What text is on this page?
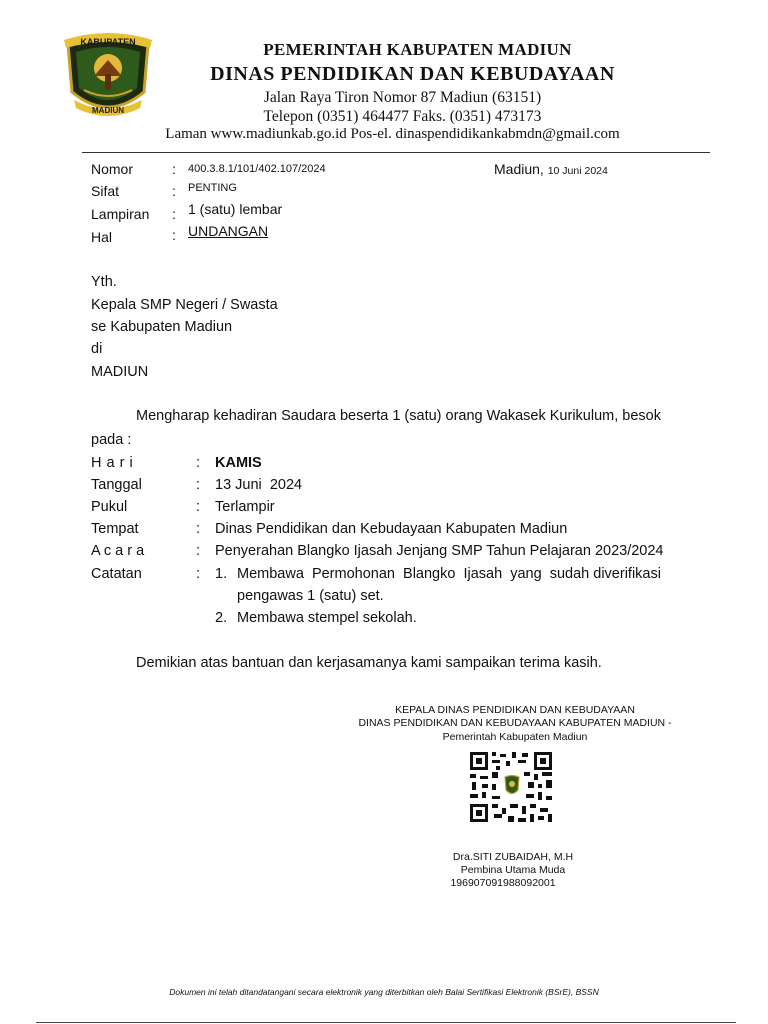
KABUPATEN
MADIUN
PEMERINTAH KABUPATEN MADIUN
DINAS PENDIDIKAN DAN KEBUDAYAAN
Jalan Raya Tiron Nomor 87 Madiun (63151)
Telepon (0351) 464477 Faks. (0351) 473173
Laman www.madiunkab.go.id Pos-el. dinaspendidikankabmdn@gmail.com
Nomor	: 400.3.8.1/101/402.107/2024	Madiun, 10 Juni 2024
Sifat	: PENTING
Lampiran : 1 (satu) lembar
Hal	: UNDANGAN
Yth.
Kepala SMP Negeri / Swasta
se Kabupaten Madiun
di
MADIUN
Mengharap kehadiran Saudara beserta 1 (satu) orang Wakasek Kurikulum, besok
pada :
H a r i	: KAMIS
Tanggal	: 13 Juni  2024
Pukul	: Terlampir
Tempat	: Dinas Pendidikan dan Kebudayaan Kabupaten Madiun
A c a r a	: Penyerahan Blangko Ijasah Jenjang SMP Tahun Pelajaran 2023/2024
Catatan	: 1. Membawa  Permohonan  Blangko  Ijasah  yang  sudah diverifikasi
pengawas 1 (satu) set.
2. Membawa stempel sekolah.
Demikian atas bantuan dan kerjasamanya kami sampaikan terima kasih.
KEPALA DINAS PENDIDIKAN DAN KEBUDAYAAN
DINAS PENDIDIKAN DAN KEBUDAYAAN KABUPATEN MADIUN -
Pemerintah Kabupaten Madiun
Dra.SITI ZUBAIDAH, M.H
Pembina Utama Muda
196907091988092001
Dokumen ini telah ditandatangani secara elektronik yang diterbitkan oleh Balai Sertifikasi Elektronik (BSrE), BSSN
